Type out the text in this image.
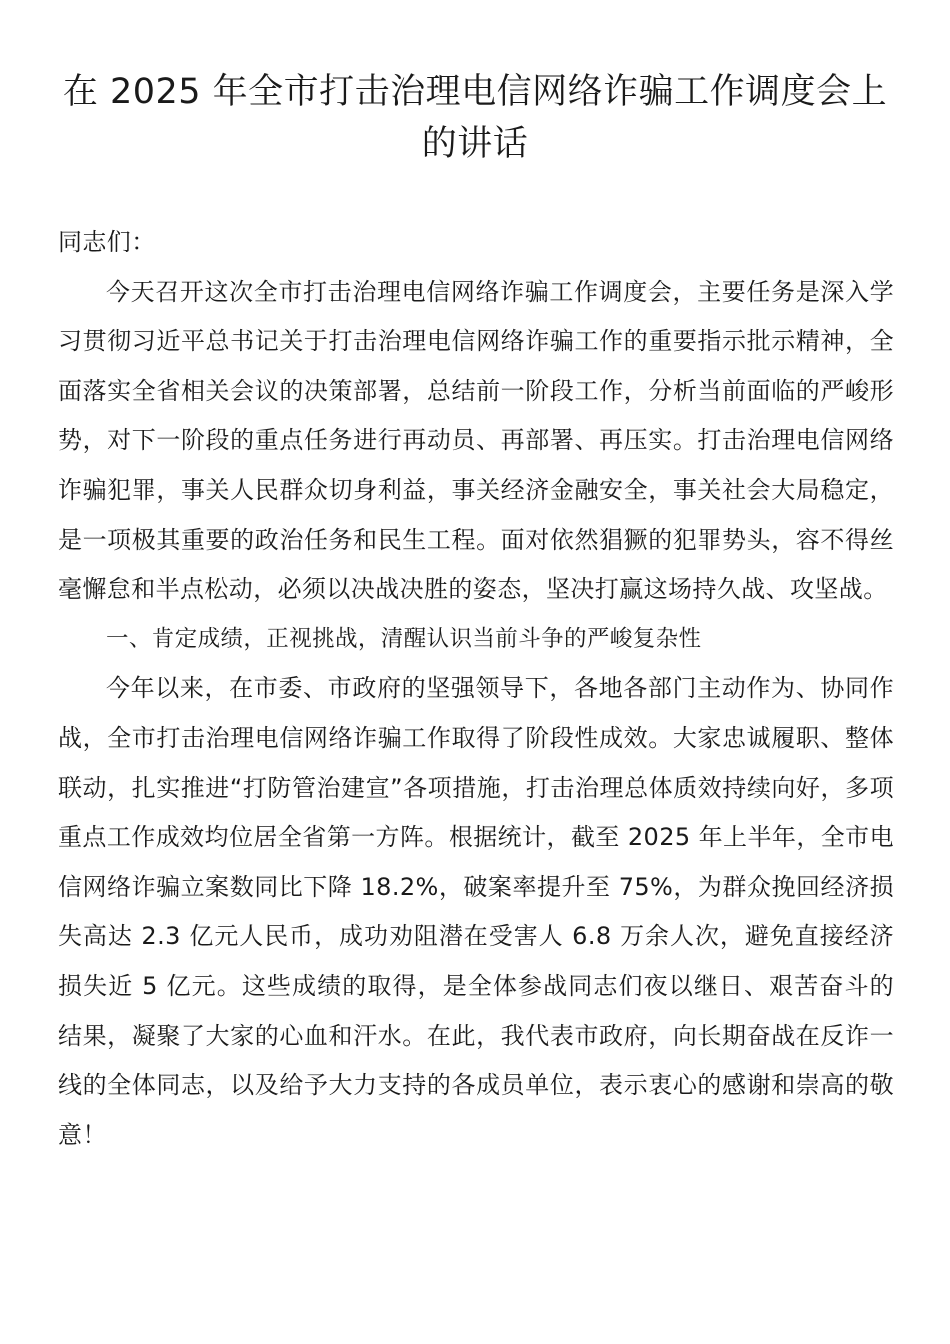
在 2025 年全市打击治理电信网络诈骗工作调度会上的讲话

同志们：

今天召开这次全市打击治理电信网络诈骗工作调度会，主要任务是深入学习贯彻习近平总书记关于打击治理电信网络诈骗工作的重要指示批示精神，全面落实全省相关会议的决策部署，总结前一阶段工作，分析当前面临的严峻形势，对下一阶段的重点任务进行再动员、再部署、再压实。打击治理电信网络诈骗犯罪，事关人民群众切身利益，事关经济金融安全，事关社会大局稳定，是一项极其重要的政治任务和民生工程。面对依然猖獗的犯罪势头，容不得丝毫懈怠和半点松动，必须以决战决胜的姿态，坚决打赢这场持久战、攻坚战。

一、肯定成绩，正视挑战，清醒认识当前斗争的严峻复杂性

今年以来，在市委、市政府的坚强领导下，各地各部门主动作为、协同作战，全市打击治理电信网络诈骗工作取得了阶段性成效。大家忠诚履职、整体联动，扎实推进“打防管治建宣”各项措施，打击治理总体质效持续向好，多项重点工作成效均位居全省第一方阵。根据统计，截至 2025 年上半年，全市电信网络诈骗立案数同比下降 18.2%，破案率提升至 75%，为群众挽回经济损失高达 2.3 亿元人民币，成功劝阻潜在受害人 6.8 万余人次，避免直接经济损失近 5 亿元。这些成绩的取得，是全体参战同志们夜以继日、艰苦奋斗的结果，凝聚了大家的心血和汗水。在此，我代表市政府，向长期奋战在反诈一线的全体同志，以及给予大力支持的各成员单位，表示衷心的感谢和崇高的敬意！
